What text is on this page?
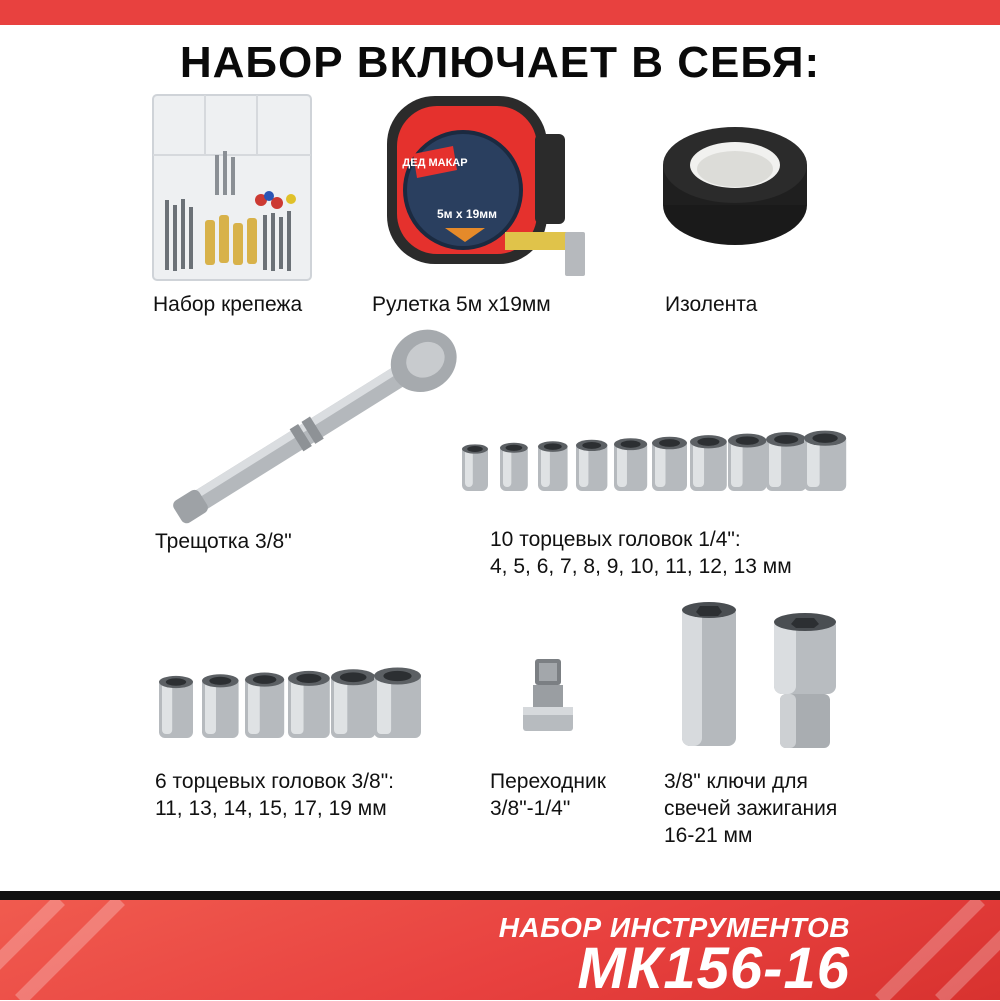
НАБОР ВКЛЮЧАЕТ В СЕБЯ:
Набор крепежа
ДЕД МАКАР
5м х 19мм
Рулетка 5м х19мм	Изолента
Трещотка 3/8"	10 торцевых головок 1/4":
4, 5, 6, 7, 8, 9, 10, 11, 12, 13 мм
6 торцевых головок 3/8":
11, 13, 14, 15, 17, 19 мм
Переходник
3/8"-1/4"
3/8" ключи для
свечей зажигания
16-21 мм
НАБОР ИНСТРУМЕНТОВ
МК156-16
